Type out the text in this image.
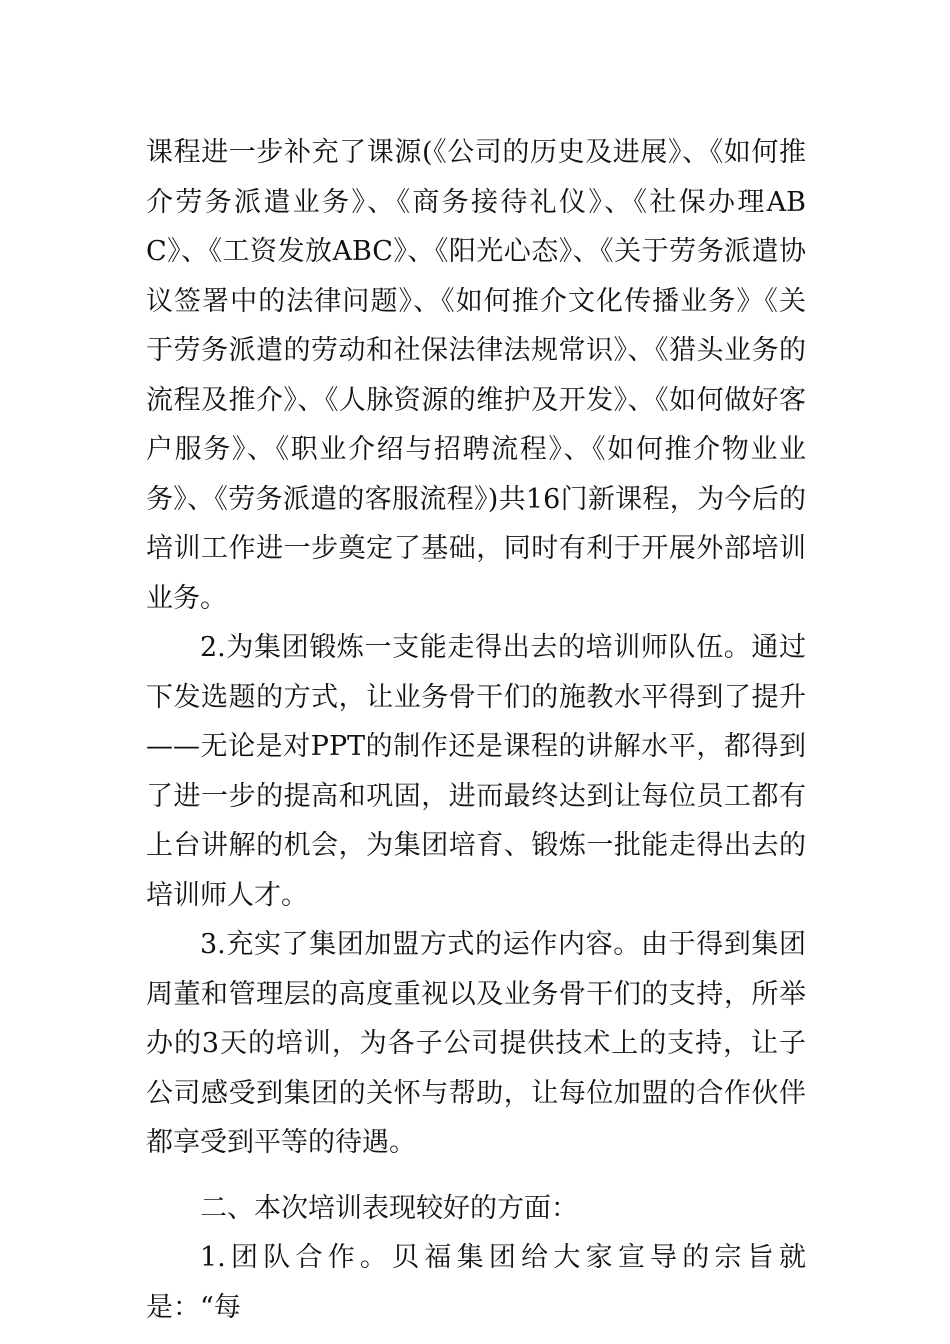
课程进一步补充了课源(《公司的历史及进展》、《如何推介劳务派遣业务》、《商务接待礼仪》、《社保办理ABC》、《工资发放ABC》、《阳光心态》、《关于劳务派遣协议签署中的法律问题》、《如何推介文化传播业务》《关于劳务派遣的劳动和社保法律法规常识》、《猎头业务的流程及推介》、《人脉资源的维护及开发》、《如何做好客户服务》、《职业介绍与招聘流程》、《如何推介物业业务》、《劳务派遣的客服流程》)共16门新课程，为今后的培训工作进一步奠定了基础，同时有利于开展外部培训业务。

2.为集团锻炼一支能走得出去的培训师队伍。通过下发选题的方式，让业务骨干们的施教水平得到了提升——无论是对PPT的制作还是课程的讲解水平，都得到了进一步的提高和巩固，进而最终达到让每位员工都有上台讲解的机会，为集团培育、锻炼一批能走得出去的培训师人才。

3.充实了集团加盟方式的运作内容。由于得到集团周董和管理层的高度重视以及业务骨干们的支持，所举办的3天的培训，为各子公司提供技术上的支持，让子公司感受到集团的关怀与帮助，让每位加盟的合作伙伴都享受到平等的待遇。

二、本次培训表现较好的方面：

1.团队合作。贝福集团给大家宣导的宗旨就是：“每
